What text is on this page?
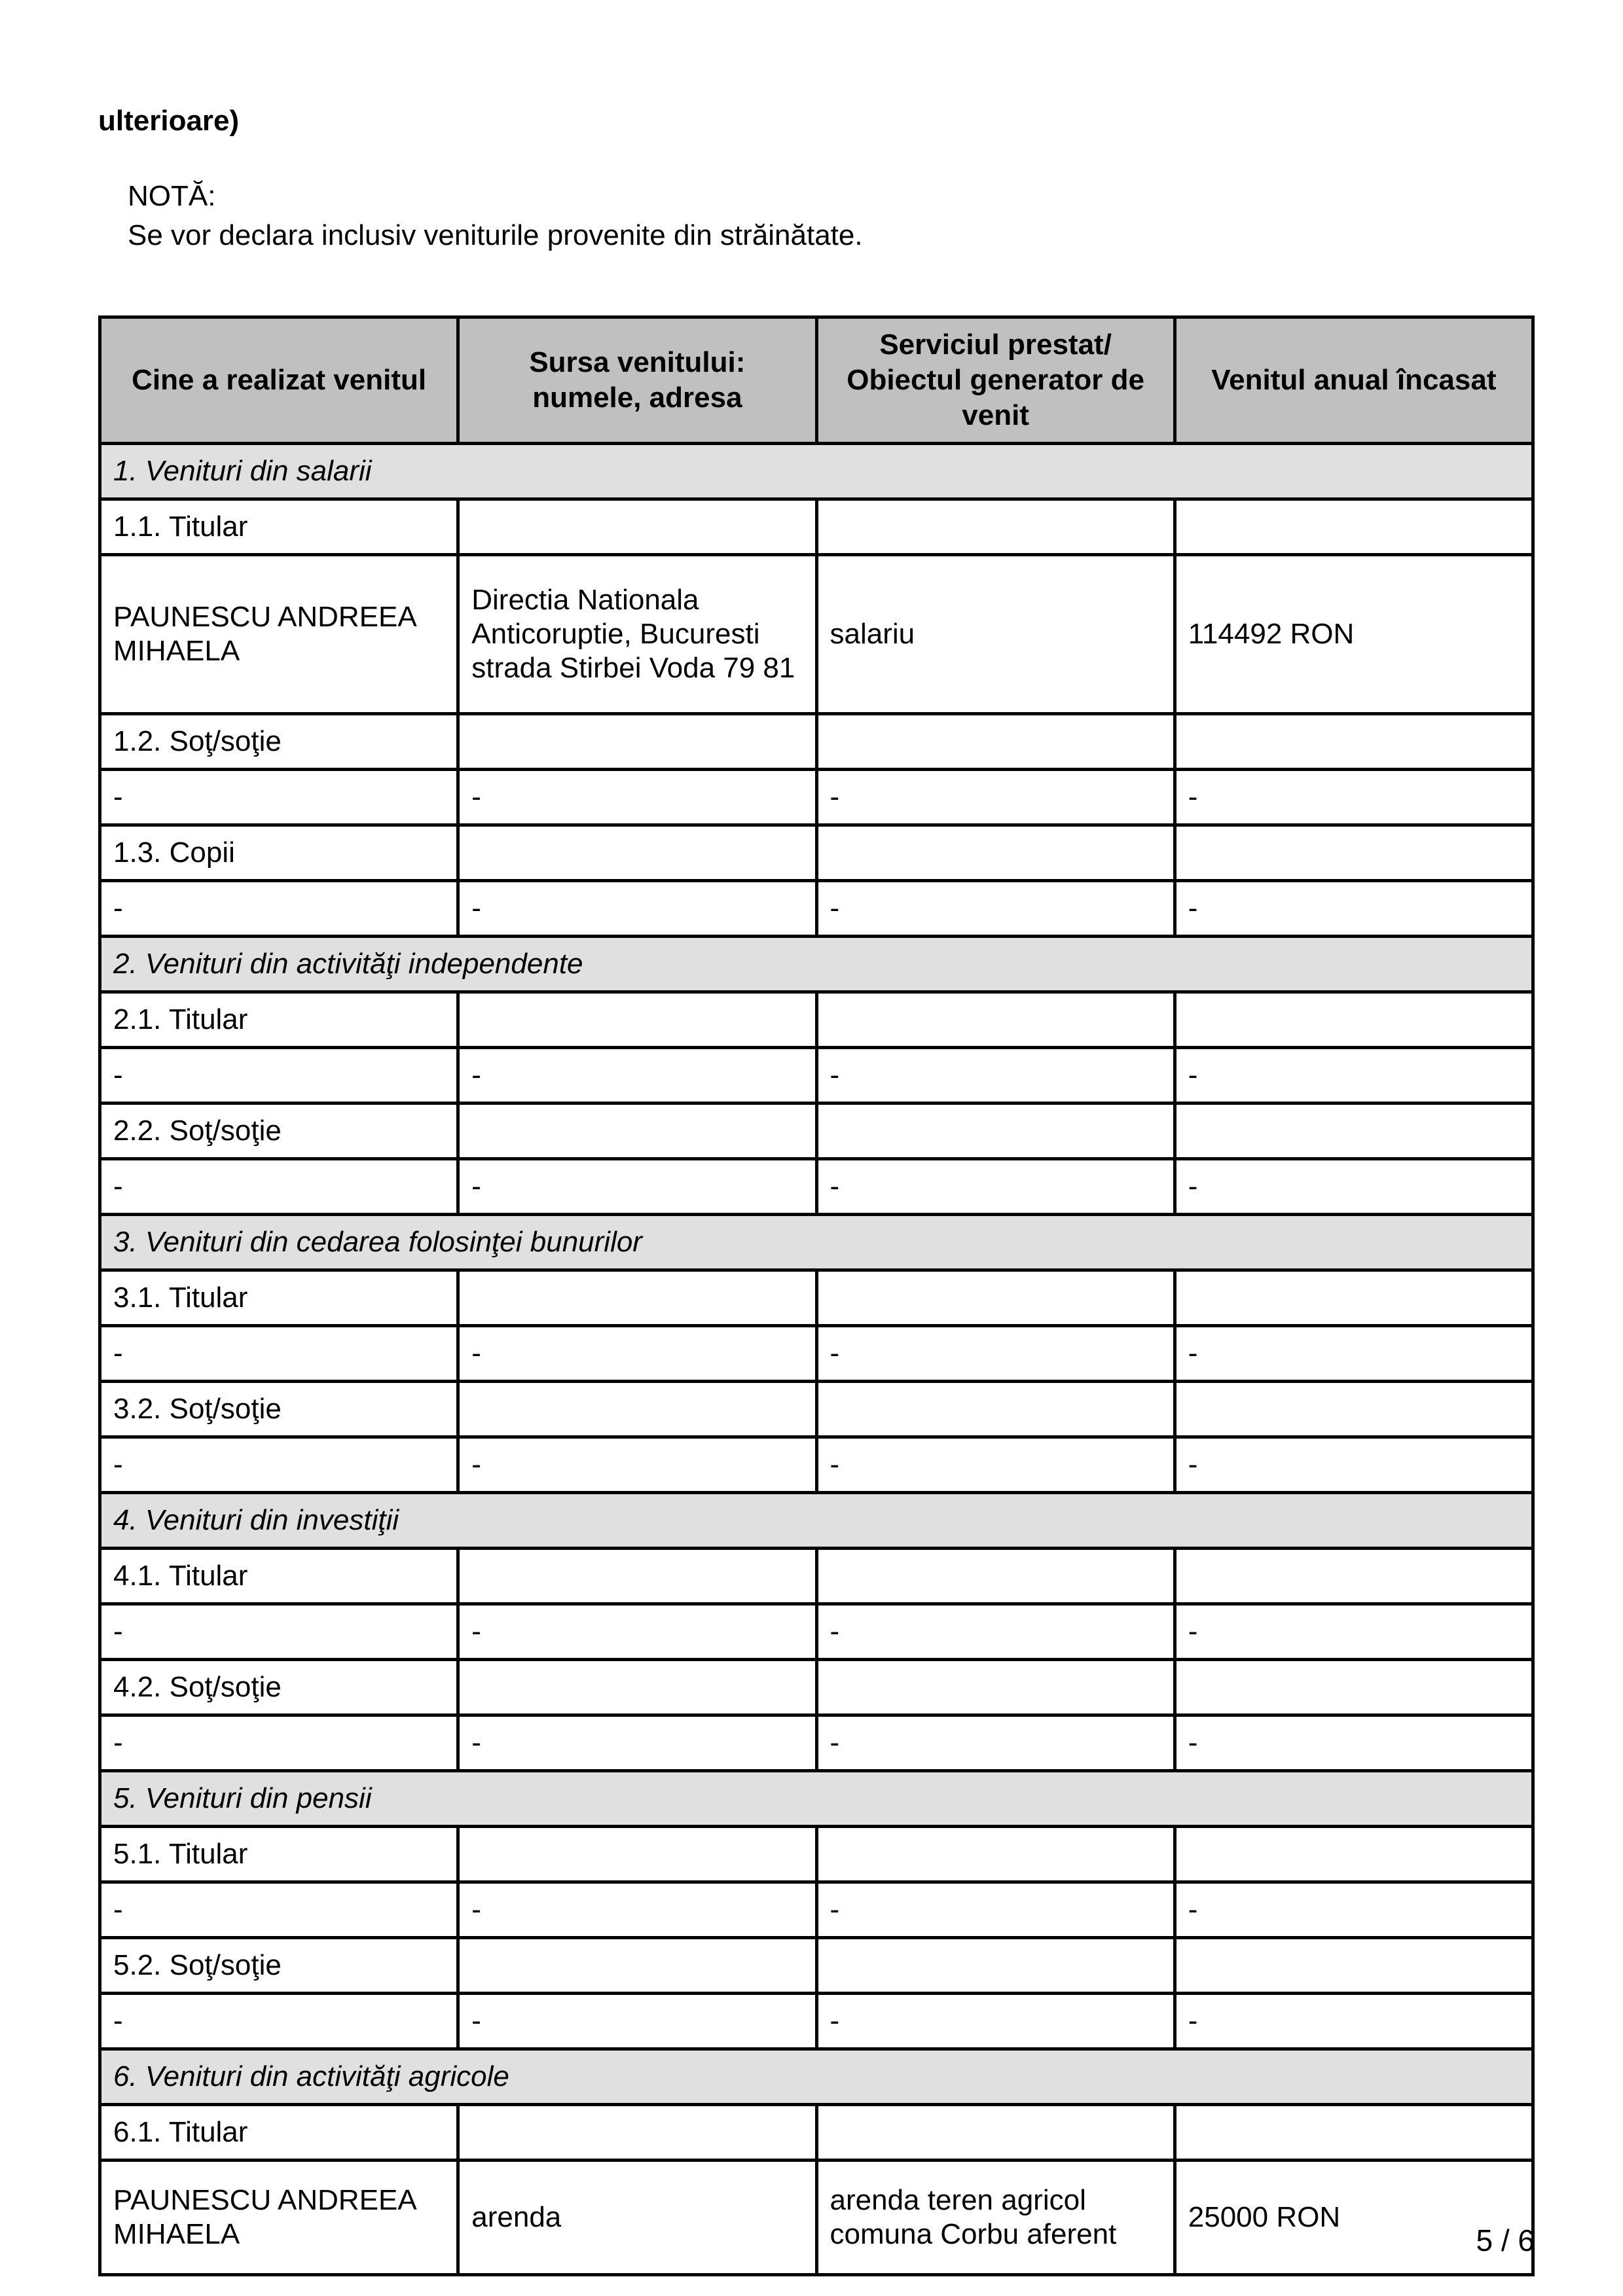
ulterioare)
NOTĂ:
Se vor declara inclusiv veniturile provenite din străinătate.
Cine a realizat venitul	Sursa venitului: numele, adresa	Serviciul prestat/ Obiectul generator de venit	Venitul anual încasat
1. Venituri din salarii			
1.1. Titular			
PAUNESCU ANDREEA MIHAELA	Directia Nationala Anticoruptie, Bucuresti strada Stirbei Voda 79 81	salariu	114492 RON
1.2. Soţ/soţie			
-	-	-	-
1.3. Copii			
-	-	-	-
2. Venituri din activităţi independente			
2.1. Titular			
-	-	-	-
2.2. Soţ/soţie			
-	-	-	-
3. Venituri din cedarea folosinţei bunurilor			
3.1. Titular			
-	-	-	-
3.2. Soţ/soţie			
-	-	-	-
4. Venituri din investiţii			
4.1. Titular			
-	-	-	-
4.2. Soţ/soţie			
-	-	-	-
5. Venituri din pensii			
5.1. Titular			
-	-	-	-
5.2. Soţ/soţie			
-	-	-	-
6. Venituri din activităţi agricole			
6.1. Titular			
PAUNESCU ANDREEA MIHAELA	arenda	arenda teren agricol comuna Corbu aferent	25000 RON
5 / 6
